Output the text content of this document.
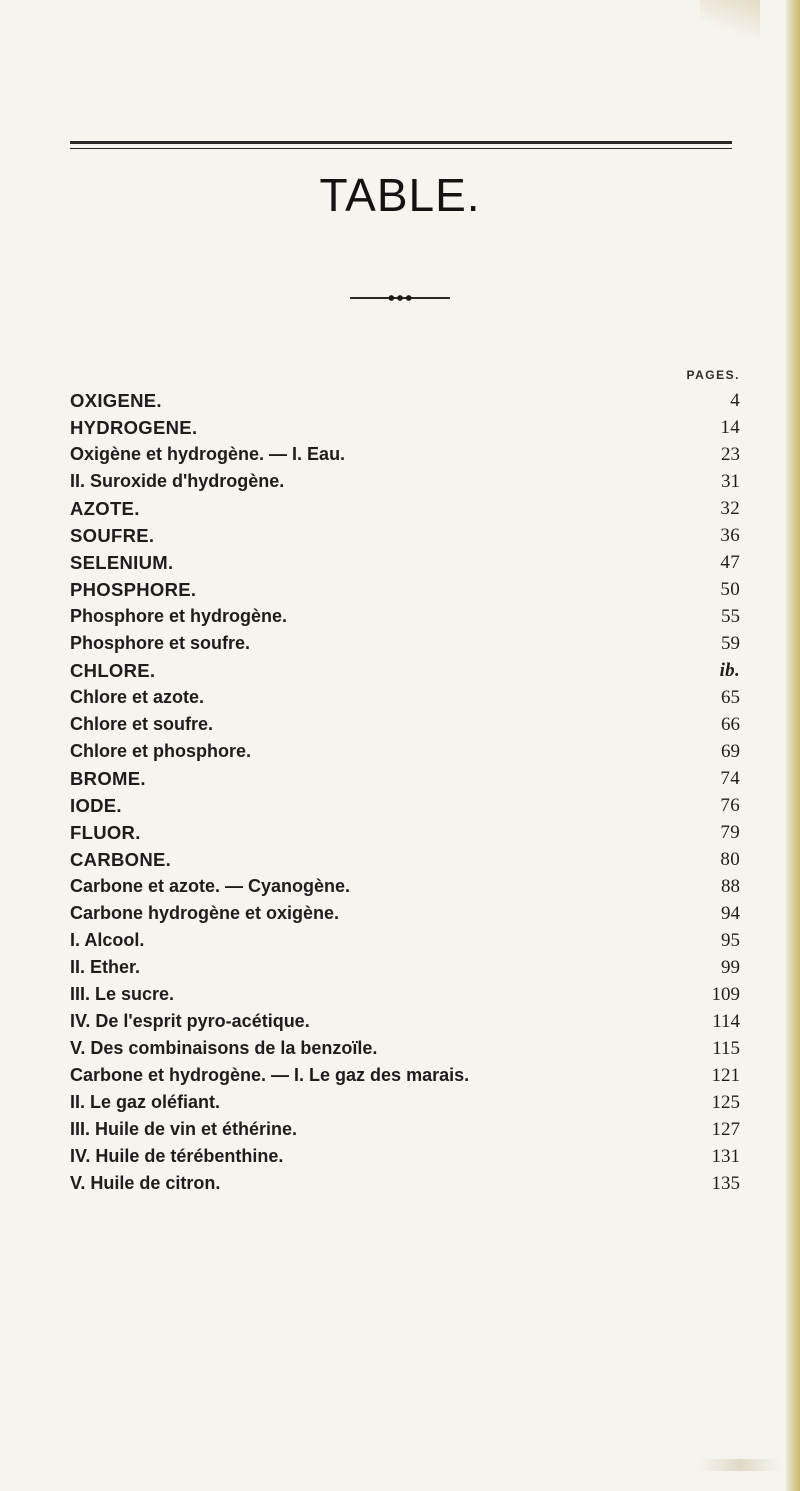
TABLE.
PAGES.
OXIGENE.	4
HYDROGENE.	14
Oxigène et hydrogène. — I. Eau.	23
II. Suroxide d'hydrogène.	31
AZOTE.	32
SOUFRE.	36
SELENIUM.	47
PHOSPHORE.	50
Phosphore et hydrogène.	55
Phosphore et soufre.	59
CHLORE.	ib.
Chlore et azote.	65
Chlore et soufre.	66
Chlore et phosphore.	69
BROME.	74
IODE.	76
FLUOR.	79
CARBONE.	80
Carbone et azote. — Cyanogène.	88
Carbone hydrogène et oxigène.	94
I. Alcool.	95
II. Ether.	99
III. Le sucre.	109
IV. De l'esprit pyro-acétique.	114
V. Des combinaisons de la benzoïle.	115
Carbone et hydrogène. — I. Le gaz des marais.	121
II. Le gaz oléfiant.	125
III. Huile de vin et éthérine.	127
IV. Huile de térébenthine.	131
V. Huile de citron.	135
